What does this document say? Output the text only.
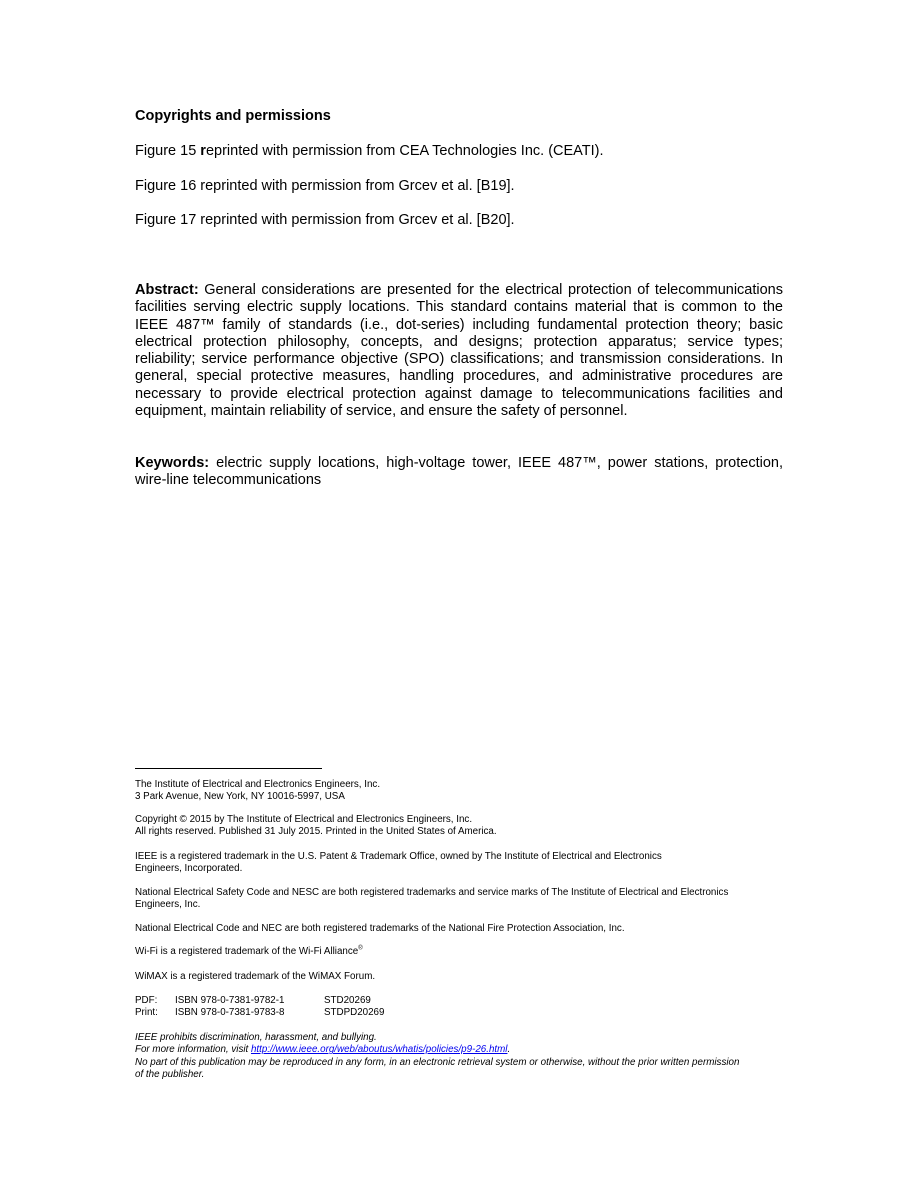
Copyrights and permissions

Figure 15 reprinted with permission from CEA Technologies Inc. (CEATI).

Figure 16 reprinted with permission from Grcev et al. [B19].

Figure 17 reprinted with permission from Grcev et al. [B20].

Abstract: General considerations are presented for the electrical protection of telecommunications facilities serving electric supply locations. This standard contains material that is common to the IEEE 487™ family of standards (i.e., dot-series) including fundamental protection theory; basic electrical protection philosophy, concepts, and designs; protection apparatus; service types; reliability; service performance objective (SPO) classifications; and transmission considerations. In general, special protective measures, handling procedures, and administrative procedures are necessary to provide electrical protection against damage to telecommunications facilities and equipment, maintain reliability of service, and ensure the safety of personnel.

Keywords: electric supply locations, high-voltage tower, IEEE 487™, power stations, protection, wire-line telecommunications

The Institute of Electrical and Electronics Engineers, Inc.
3 Park Avenue, New York, NY 10016-5997, USA

Copyright © 2015 by The Institute of Electrical and Electronics Engineers, Inc.
All rights reserved. Published 31 July 2015. Printed in the United States of America.

IEEE is a registered trademark in the U.S. Patent & Trademark Office, owned by The Institute of Electrical and Electronics
Engineers, Incorporated.

National Electrical Safety Code and NESC are both registered trademarks and service marks of The Institute of Electrical and Electronics
Engineers, Inc.

National Electrical Code and NEC are both registered trademarks of the National Fire Protection Association, Inc.

Wi-Fi is a registered trademark of the Wi-Fi Alliance®

WiMAX is a registered trademark of the WiMAX Forum.

PDF:	ISBN 978-0-7381-9782-1	STD20269
Print:	ISBN 978-0-7381-9783-8	STDPD20269

IEEE prohibits discrimination, harassment, and bullying.
For more information, visit http://www.ieee.org/web/aboutus/whatis/policies/p9-26.html.
No part of this publication may be reproduced in any form, in an electronic retrieval system or otherwise, without the prior written permission
of the publisher.
